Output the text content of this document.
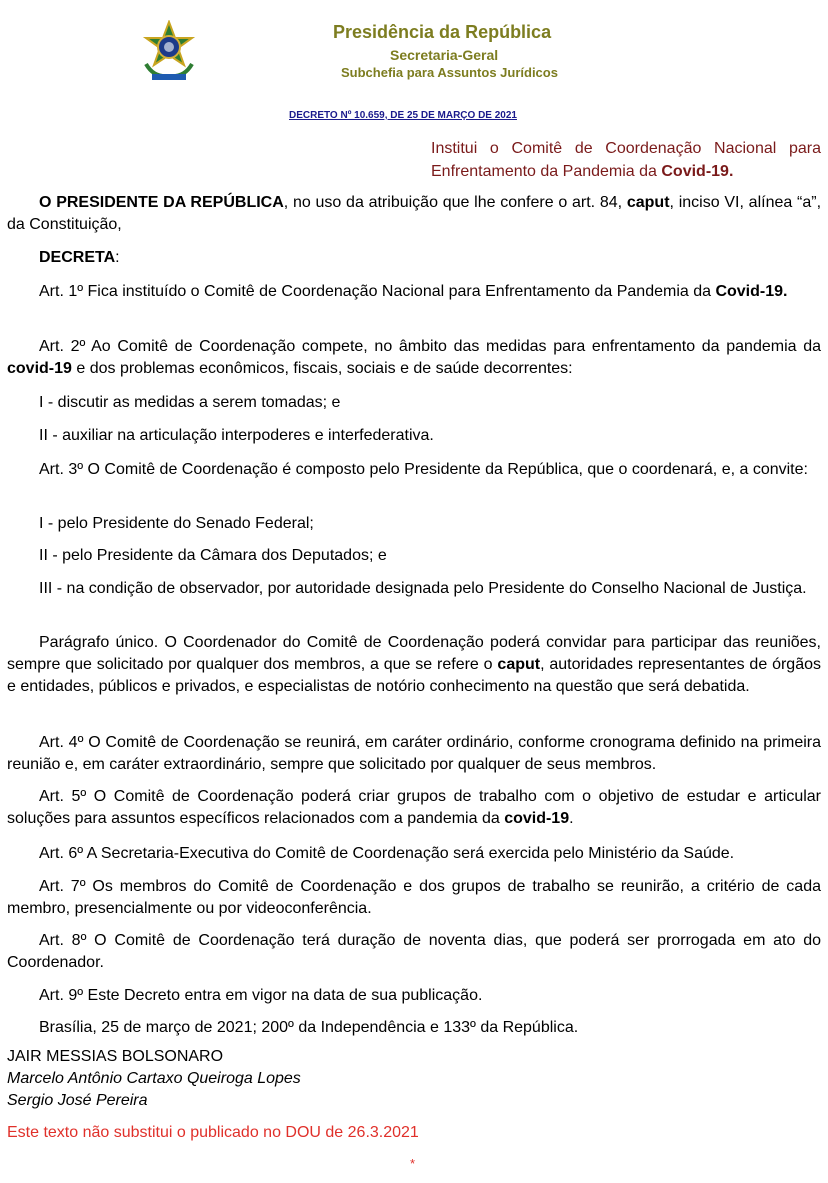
Presidência da República
Secretaria-Geral
Subchefia para Assuntos Jurídicos
DECRETO Nº 10.659, DE 25 DE MARÇO DE 2021
Institui o Comitê de Coordenação Nacional para Enfrentamento da Pandemia da Covid-19.
O PRESIDENTE DA REPÚBLICA, no uso da atribuição que lhe confere o art. 84, caput, inciso VI, alínea “a”, da Constituição,
DECRETA:
Art. 1º Fica instituído o Comitê de Coordenação Nacional para Enfrentamento da Pandemia da Covid-19.
Art. 2º Ao Comitê de Coordenação compete, no âmbito das medidas para enfrentamento da pandemia da covid-19 e dos problemas econômicos, fiscais, sociais e de saúde decorrentes:
I - discutir as medidas a serem tomadas; e
II - auxiliar na articulação interpoderes e interfederativa.
Art. 3º O Comitê de Coordenação é composto pelo Presidente da República, que o coordenará, e, a convite:
I - pelo Presidente do Senado Federal;
II - pelo Presidente da Câmara dos Deputados; e
III - na condição de observador, por autoridade designada pelo Presidente do Conselho Nacional de Justiça.
Parágrafo único. O Coordenador do Comitê de Coordenação poderá convidar para participar das reuniões, sempre que solicitado por qualquer dos membros, a que se refere o caput, autoridades representantes de órgãos e entidades, públicos e privados, e especialistas de notório conhecimento na questão que será debatida.
Art. 4º O Comitê de Coordenação se reunirá, em caráter ordinário, conforme cronograma definido na primeira reunião e, em caráter extraordinário, sempre que solicitado por qualquer de seus membros.
Art. 5º O Comitê de Coordenação poderá criar grupos de trabalho com o objetivo de estudar e articular soluções para assuntos específicos relacionados com a pandemia da covid-19.
Art. 6º A Secretaria-Executiva do Comitê de Coordenação será exercida pelo Ministério da Saúde.
Art. 7º Os membros do Comitê de Coordenação e dos grupos de trabalho se reunirão, a critério de cada membro, presencialmente ou por videoconferência.
Art. 8º O Comitê de Coordenação terá duração de noventa dias, que poderá ser prorrogada em ato do Coordenador.
Art. 9º Este Decreto entra em vigor na data de sua publicação.
Brasília, 25 de março de 2021; 200º da Independência e 133º da República.
JAIR MESSIAS BOLSONARO
Marcelo Antônio Cartaxo Queiroga Lopes
Sergio José Pereira
Este texto não substitui o publicado no DOU de 26.3.2021
*
